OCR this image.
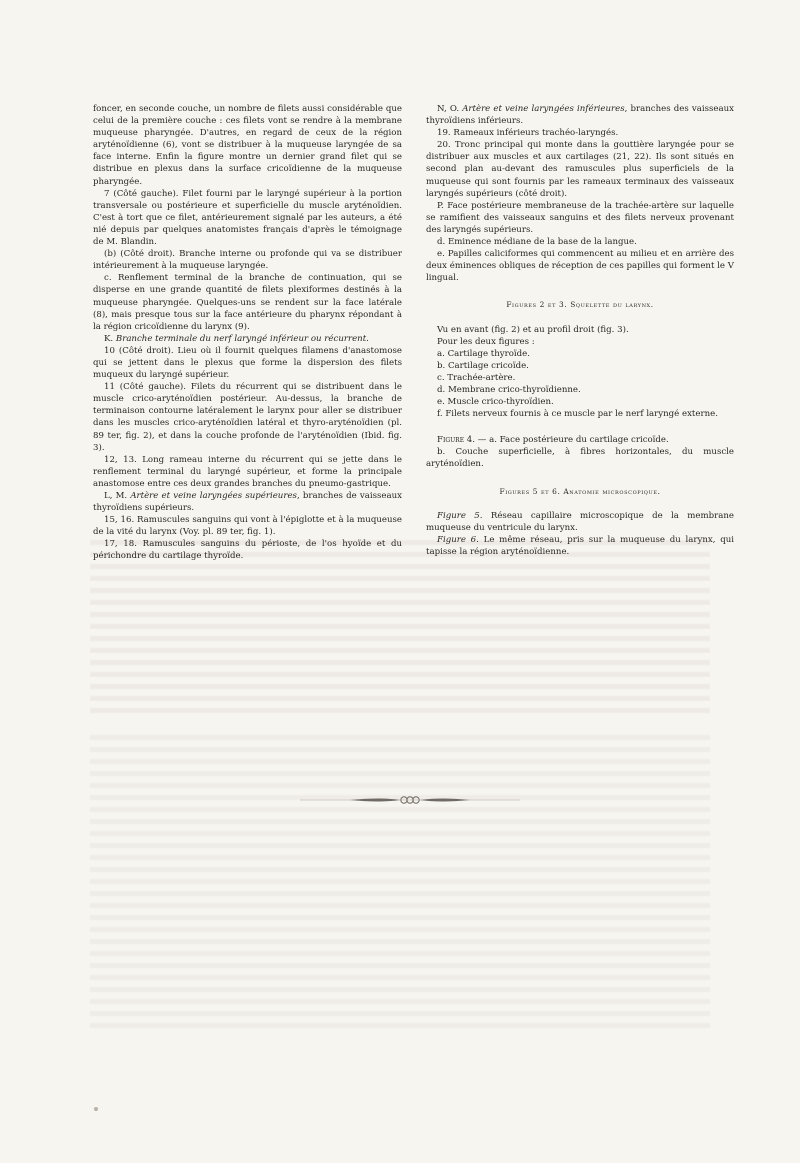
foncer, en seconde couche, un nombre de filets aussi considérable que celui de la première couche : ces filets vont se rendre à la membrane muqueuse pharyngée. D'autres, en regard de ceux de la région aryténoïdienne (6), vont se distribuer à la muqueuse laryngée de sa face interne. Enfin la figure montre un dernier grand filet qui se distribue en plexus dans la surface cricoïdienne de la muqueuse pharyngée.

7 (Côté gauche). Filet fourni par le laryngé supérieur à la portion transversale ou postérieure et superficielle du muscle aryténoïdien. C'est à tort que ce filet, antérieurement signalé par les auteurs, a été nié depuis par quelques anatomistes français d'après le témoignage de M. Blandin.

(b) (Côté droit). Branche interne ou profonde qui va se distribuer intérieurement à la muqueuse laryngée.

c. Renflement terminal de la branche de continuation, qui se disperse en une grande quantité de filets plexiformes destinés à la muqueuse pharyngée. Quelques-uns se rendent sur la face latérale (8), mais presque tous sur la face antérieure du pharynx répondant à la région cricoïdienne du larynx (9).

K. Branche terminale du nerf laryngé inférieur ou récurrent.

10 (Côté droit). Lieu où il fournit quelques filamens d'anastomose qui se jettent dans le plexus que forme la dispersion des filets muqueux du laryngé supérieur.

11 (Côté gauche). Filets du récurrent qui se distribuent dans le muscle crico-aryténoïdien postérieur. Au-dessus, la branche de terminaison contourne latéralement le larynx pour aller se distribuer dans les muscles crico-aryténoïdien latéral et thyro-aryténoïdien (pl. 89 ter, fig. 2), et dans la couche profonde de l'aryténoïdien (Ibid. fig. 3).

12, 13. Long rameau interne du récurrent qui se jette dans le renflement terminal du laryngé supérieur, et forme la principale anastomose entre ces deux grandes branches du pneumo-gastrique.

L, M. Artère et veine laryngées supérieures, branches de vaisseaux thyroïdiens supérieurs.

15, 16. Ramuscules sanguins qui vont à l'épiglotte et à la muqueuse de la vité du larynx (Voy. pl. 89 ter, fig. 1).

17, 18. Ramuscules sanguins du périoste, de l'os hyoïde et du périchondre du cartilage thyroïde.

N, O. Artère et veine laryngées inférieures, branches des vaisseaux thyroïdiens inférieurs.

19. Rameaux inférieurs trachéo-laryngés.

20. Tronc principal qui monte dans la gouttière laryngée pour se distribuer aux muscles et aux cartilages (21, 22). Ils sont situés en second plan au-devant des ramuscules plus superficiels de la muqueuse qui sont fournis par les rameaux terminaux des vaisseaux laryngés supérieurs (côté droit).

P. Face postérieure membraneuse de la trachée-artère sur laquelle se ramifient des vaisseaux sanguins et des filets nerveux provenant des laryngés supérieurs.

d. Eminence médiane de la base de la langue.

e. Papilles caliciformes qui commencent au milieu et en arrière des deux éminences obliques de réception de ces papilles qui forment le V lingual.

Figures 2 et 3. Squelette du larynx.

Vu en avant (fig. 2) et au profil droit (fig. 3).

Pour les deux figures :

a. Cartilage thyroïde.

b. Cartilage cricoïde.

c. Trachée-artère.

d. Membrane crico-thyroïdienne.

e. Muscle crico-thyroïdien.

f. Filets nerveux fournis à ce muscle par le nerf laryngé externe.

Figure 4. — a. Face postérieure du cartilage cricoïde.

b. Couche superficielle, à fibres horizontales, du muscle aryténoïdien.

Figures 5 et 6. Anatomie microscopique.

Figure 5. Réseau capillaire microscopique de la membrane muqueuse du ventricule du larynx.

Figure 6. Le même réseau, pris sur la muqueuse du larynx, qui tapisse la région aryténoïdienne.
